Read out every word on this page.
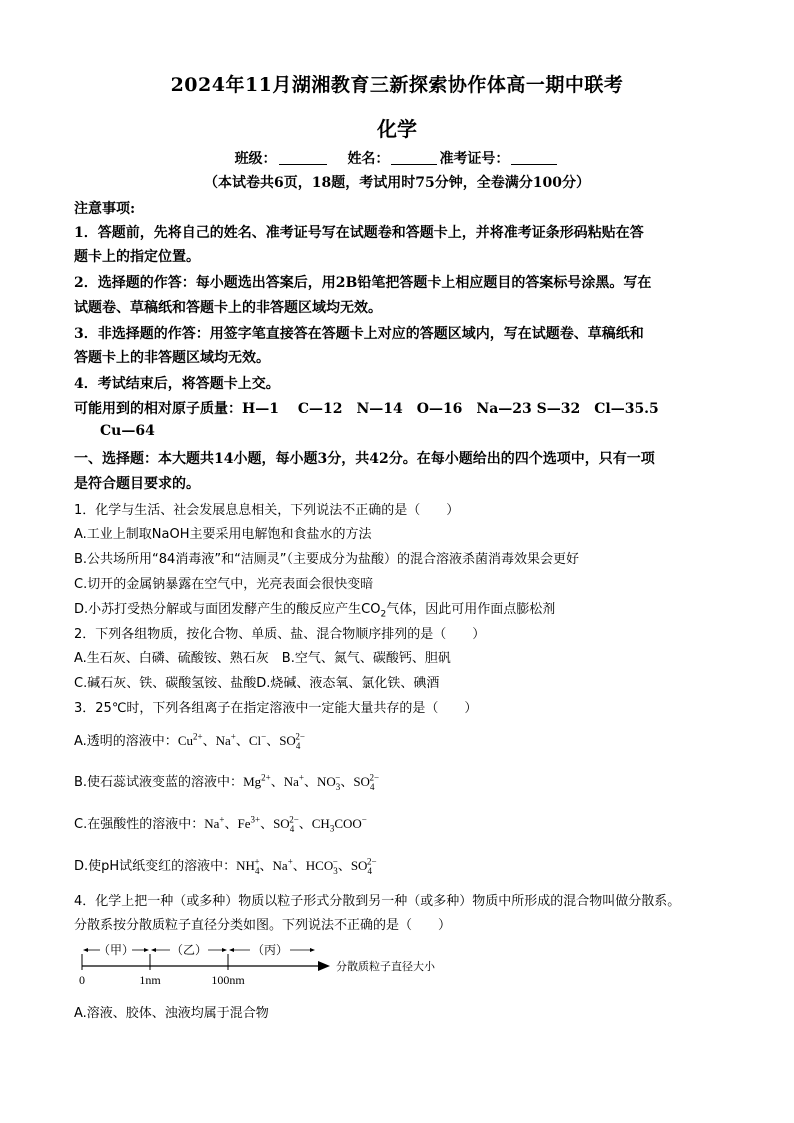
2024年11月湖湘教育三新探索协作体高一期中联考
化学
班级：　	姓名：	准考证号：
（本试卷共6页，18题，考试用时75分钟，全卷满分100分）
注意事项:
1．答题前，先将自己的姓名、准考证号写在试题卷和答题卡上，并将准考证条形码粘贴在答
题卡上的指定位置。
2．选择题的作答：每小题选出答案后，用2B铅笔把答题卡上相应题目的答案标号涂黑。写在
试题卷、草稿纸和答题卡上的非答题区域均无效。
3．非选择题的作答：用签字笔直接答在答题卡上对应的答题区域内，写在试题卷、草稿纸和
答题卡上的非答题区域均无效。
4．考试结束后，将答题卡上交。
可能用到的相对原子质量：H—1　 C—12　N—14　O—16　Na—23 S—32　Cl—35.5
Cu—64
一、选择题：本大题共14小题，每小题3分，共42分。在每小题给出的四个选项中，只有一项
是符合题目要求的。
1．化学与生活、社会发展息息相关，下列说法不正确的是（　　）
A.工业上制取NaOH主要采用电解饱和食盐水的方法
B.公共场所用“84消毒液”和“洁厕灵”（主要成分为盐酸）的混合溶液杀菌消毒效果会更好
C.切开的金属钠暴露在空气中，光亮表面会很快变暗
D.小苏打受热分解或与面团发酵产生的酸反应产生$CO_2$气体，因此可用作面点膨松剂
2．下列各组物质，按化合物、单质、盐、混合物顺序排列的是（　　）
A.生石灰、白磷、硫酸铵、熟石灰　B.空气、氮气、碳酸钙、胆矾
C.碱石灰、铁、碳酸氢铵、盐酸D.烧碱、液态氧、氯化铁、碘酒
3．25℃时，下列各组离子在指定溶液中一定能大量共存的是（　　）
A.透明的溶液中：$Cu^{2+}$、Na+、Cl−、$SO_4^{2-}$
B.使石蕊试液变蓝的溶液中：$Mg^{2+}$、Na+、$NO_3^-$、$SO_4^{2-}$
C.在强酸性的溶液中：Na+、$Fe^{3+}$、$SO_4^{2-}$、$CH_3COO^-$
D.使pH试纸变红的溶液中：$NH_4^+$、Na+、$HCO_3^-$、$SO_4^{2-}$
4．化学上把一种（或多种）物质以粒子形式分散到另一种（或多种）物质中所形成的混合物叫做分散系。
分散系按分散质粒子直径分类如图。下列说法不正确的是（　　）
（甲）	（乙）	（丙）
0	1nm	100nm
分散质粒子直径大小
A.溶液、胶体、浊液均属于混合物
